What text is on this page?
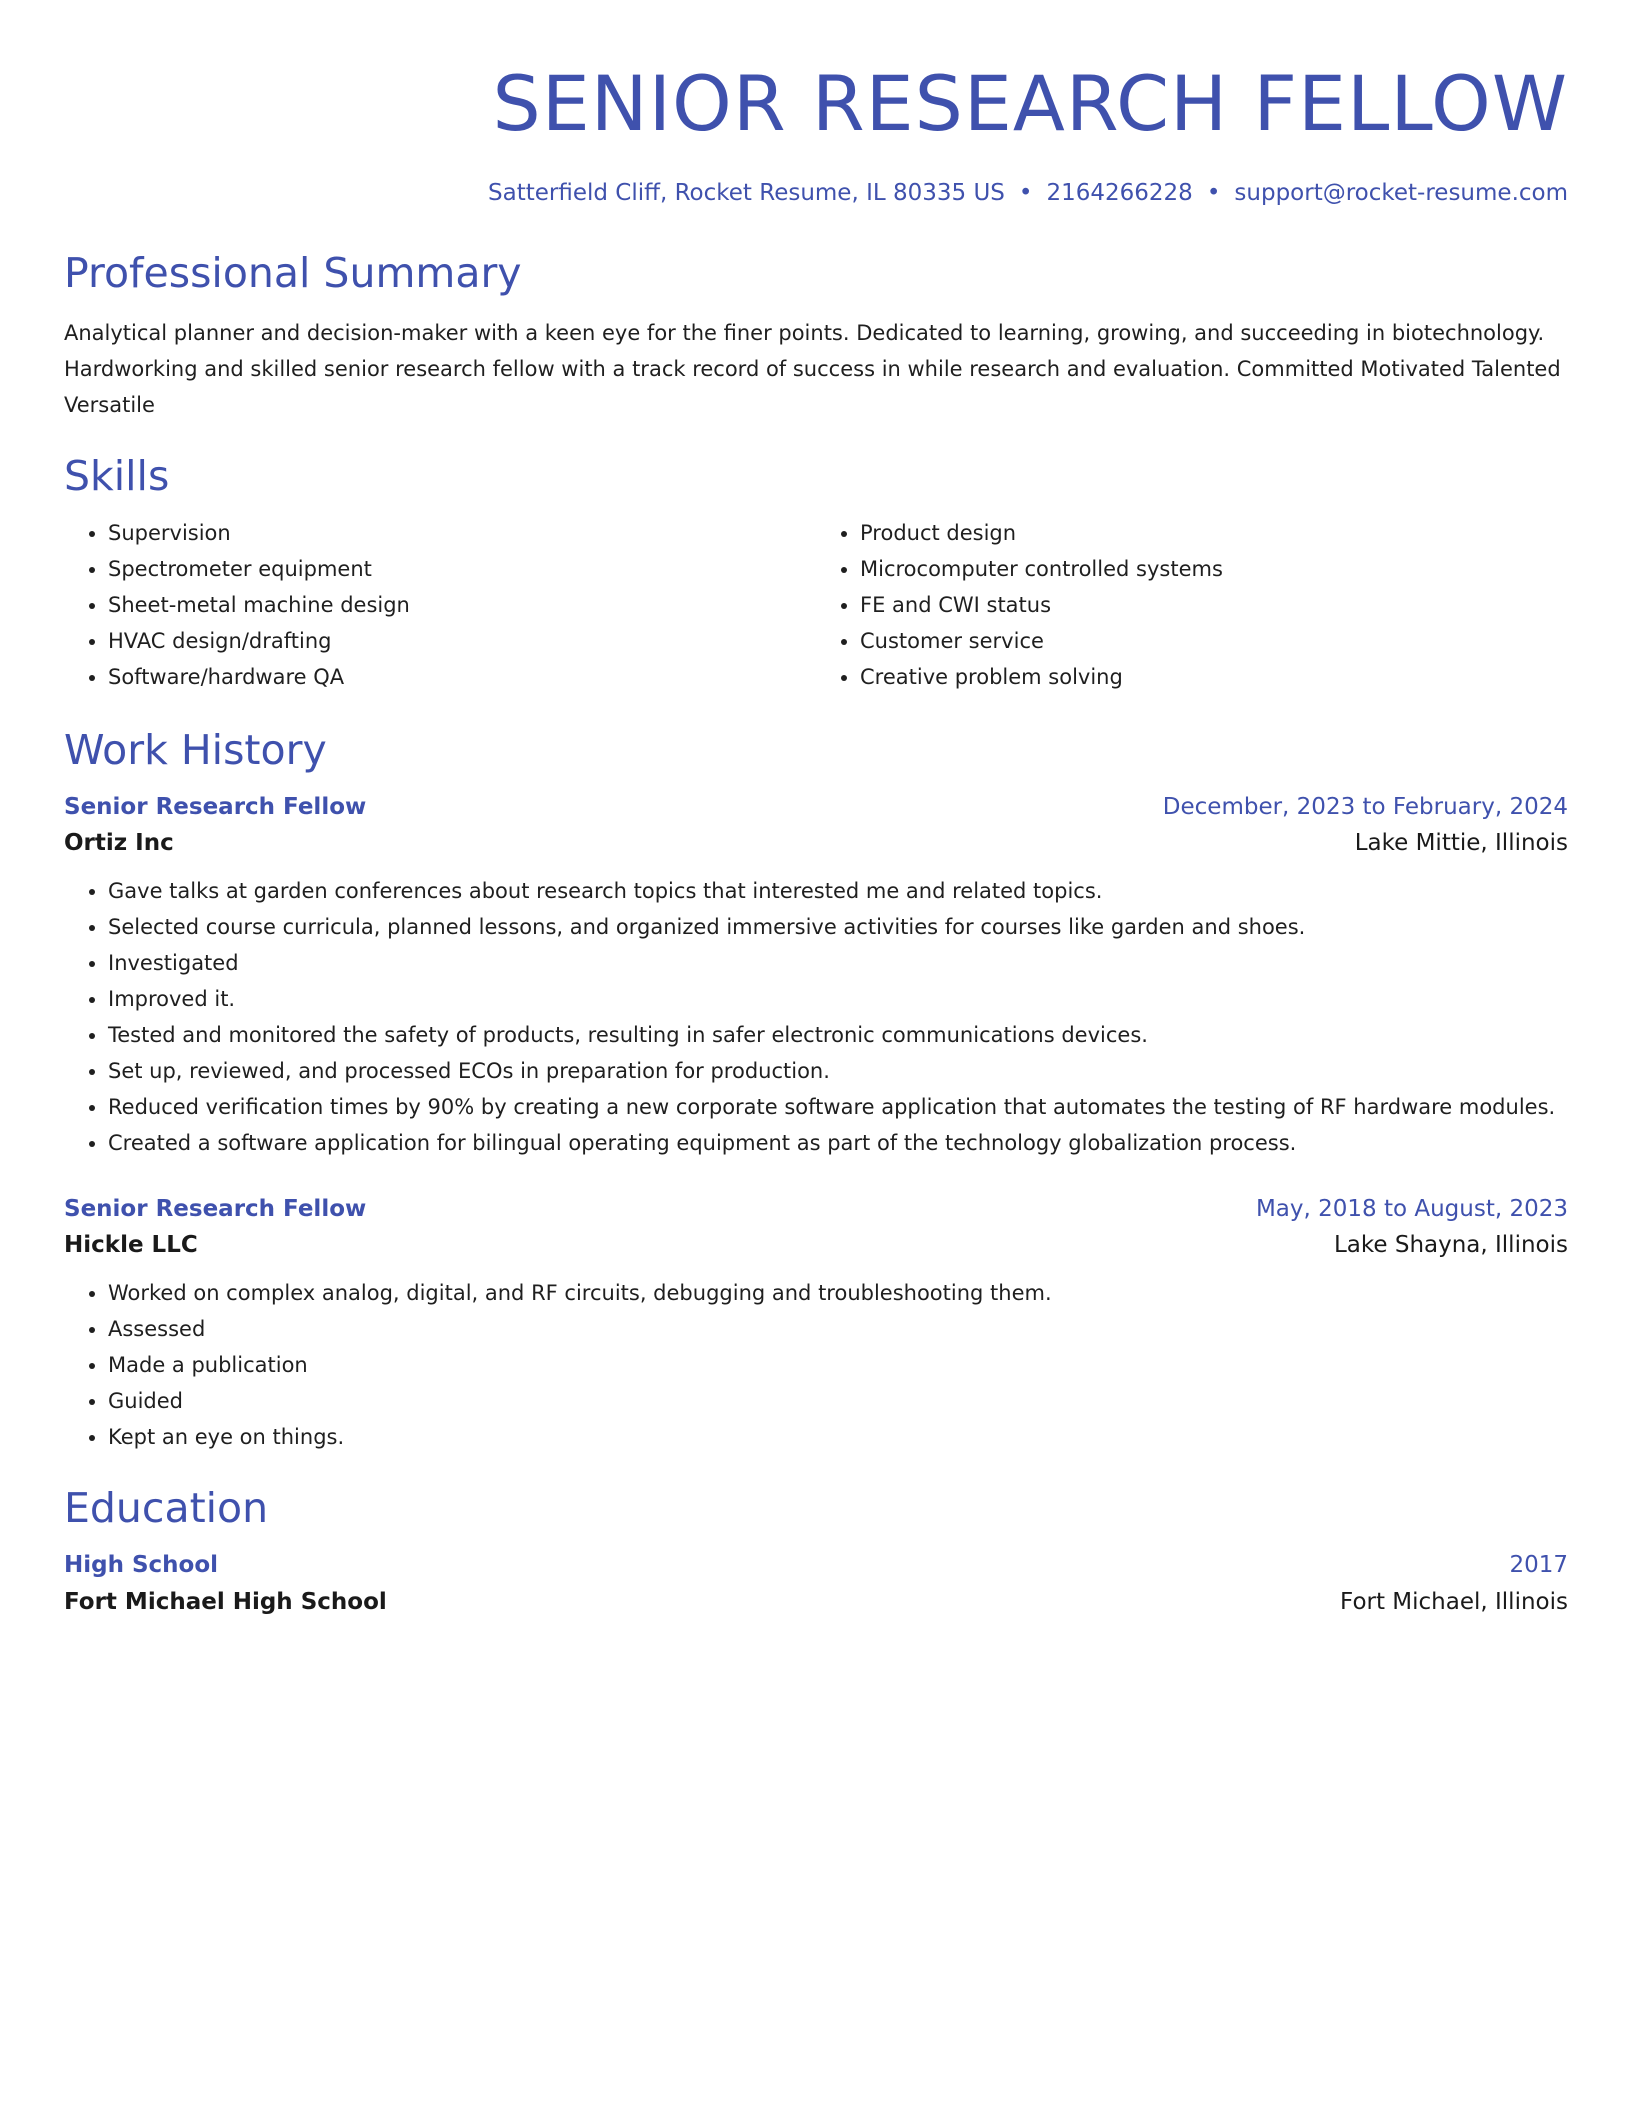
SENIOR RESEARCH FELLOW
Satterfield Cliff, Rocket Resume, IL 80335 US • 2164266228 • support@rocket-resume.com
Professional Summary
Analytical planner and decision-maker with a keen eye for the finer points. Dedicated to learning, growing, and succeeding in biotechnology. Hardworking and skilled senior research fellow with a track record of success in while research and evaluation. Committed Motivated Talented Versatile
Skills
• Supervision
• Spectrometer equipment
• Sheet-metal machine design
• HVAC design/drafting
• Software/hardware QA
• Product design
• Microcomputer controlled systems
• FE and CWI status
• Customer service
• Creative problem solving
Work History
Senior Research Fellow	December, 2023 to February, 2024
Ortiz Inc	Lake Mittie, Illinois
• Gave talks at garden conferences about research topics that interested me and related topics.
• Selected course curricula, planned lessons, and organized immersive activities for courses like garden and shoes.
• Investigated
• Improved it.
• Tested and monitored the safety of products, resulting in safer electronic communications devices.
• Set up, reviewed, and processed ECOs in preparation for production.
• Reduced verification times by 90% by creating a new corporate software application that automates the testing of RF hardware modules.
• Created a software application for bilingual operating equipment as part of the technology globalization process.
Senior Research Fellow	May, 2018 to August, 2023
Hickle LLC	Lake Shayna, Illinois
• Worked on complex analog, digital, and RF circuits, debugging and troubleshooting them.
• Assessed
• Made a publication
• Guided
• Kept an eye on things.
Education
High School	2017
Fort Michael High School	Fort Michael, Illinois
